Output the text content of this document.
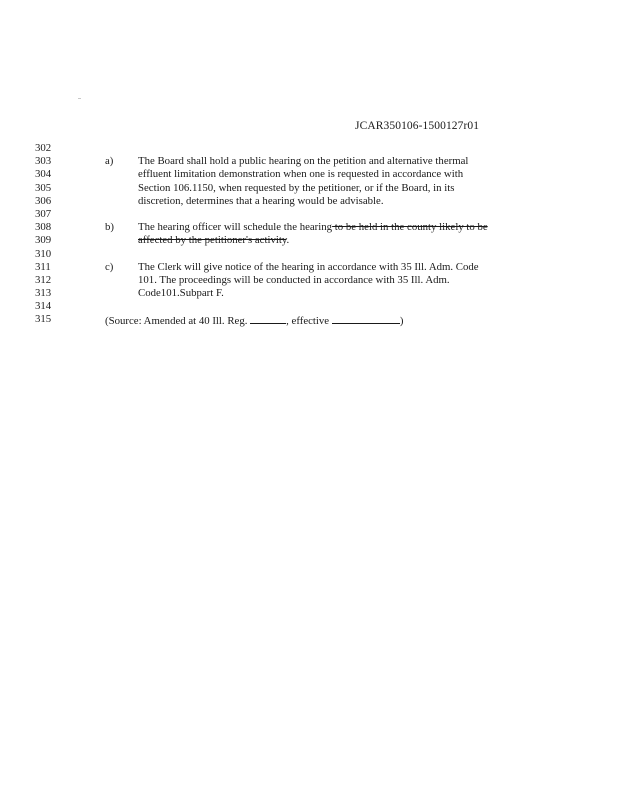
JCAR350106-1500127r01
302
303	a) The Board shall hold a public hearing on the petition and alternative thermal
304	effluent limitation demonstration when one is requested in accordance with
305	Section 106.1150, when requested by the petitioner, or if the Board, in its
306	discretion, determines that a hearing would be advisable.
307
308	b) The hearing officer will schedule the hearing to be held in the county likely to be
309	affected by the petitioner's activity.
310
311	c) The Clerk will give notice of the hearing in accordance with 35 Ill. Adm. Code
312	101. The proceedings will be conducted in accordance with 35 Ill. Adm.
313	Code101.Subpart F.
314
315	(Source: Amended at 40 Ill. Reg.	, effective	)
